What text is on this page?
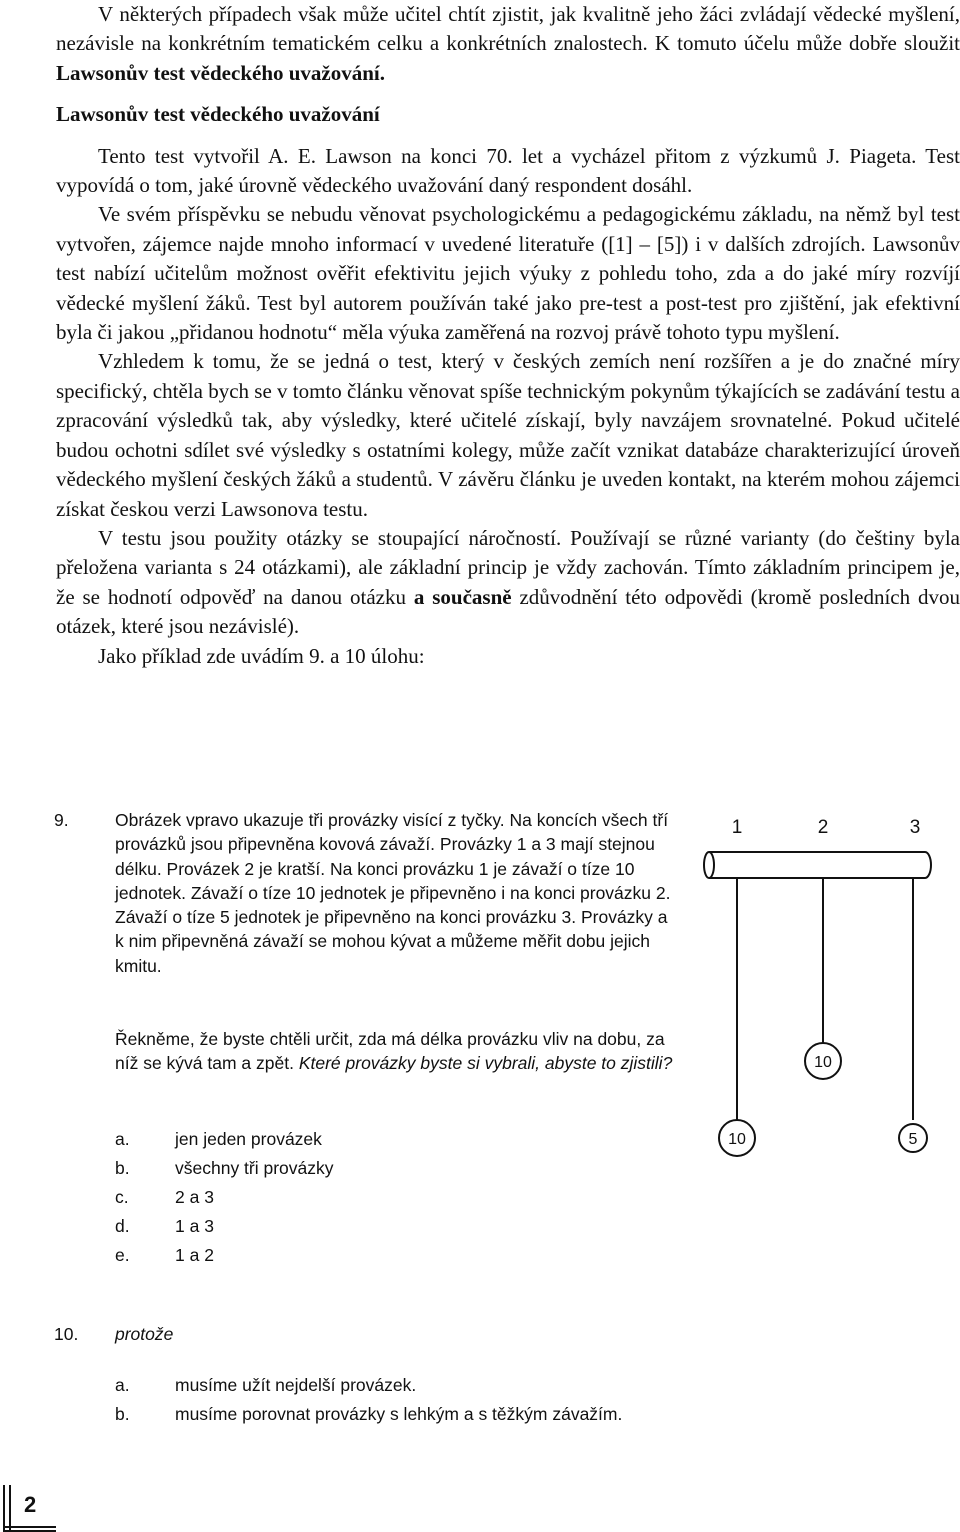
V některých případech však může učitel chtít zjistit, jak kvalitně jeho žáci zvládají vědecké myšlení, nezávisle na konkrétním tematickém celku a konkrétních znalostech. K tomuto účelu může dobře sloužit Lawsonův test vědeckého uvažování.

Lawsonův test vědeckého uvažování

Tento test vytvořil A. E. Lawson na konci 70. let a vycházel přitom z výzkumů J. Piageta. Test vypovídá o tom, jaké úrovně vědeckého uvažování daný respondent dosáhl.

Ve svém příspěvku se nebudu věnovat psychologickému a pedagogickému základu, na němž byl test vytvořen, zájemce najde mnoho informací v uvedené literatuře ([1] – [5]) i v dalších zdrojích. Lawsonův test nabízí učitelům možnost ověřit efektivitu jejich výuky z pohledu toho, zda a do jaké míry rozvíjí vědecké myšlení žáků. Test byl autorem používán také jako pre-test a post-test pro zjištění, jak efektivní byla či jakou „přidanou hodnotu“ měla výuka zaměřená na rozvoj právě tohoto typu myšlení.

Vzhledem k tomu, že se jedná o test, který v českých zemích není rozšířen a je do značné míry specifický, chtěla bych se v tomto článku věnovat spíše technickým pokynům týkajících se zadávání testu a zpracování výsledků tak, aby výsledky, které učitelé získají, byly navzájem srovnatelné. Pokud učitelé budou ochotni sdílet své výsledky s ostatními kolegy, může začít vznikat databáze charakterizující úroveň vědeckého myšlení českých žáků a studentů. V závěru článku je uveden kontakt, na kterém mohou zájemci získat českou verzi Lawsonova testu.

V testu jsou použity otázky se stoupající náročností. Používají se různé varianty (do češtiny byla přeložena varianta s 24 otázkami), ale základní princip je vždy zachován. Tímto základním principem je, že se hodnotí odpověď na danou otázku a současně zdůvodnění této odpovědi (kromě posledních dvou otázek, které jsou nezávislé).

Jako příklad zde uvádím 9. a 10 úlohu:

9.	Obrázek vpravo ukazuje tři provázky visící z tyčky. Na koncích všech tří provázků jsou připevněna kovová závaží. Provázky 1 a 3 mají stejnou délku. Provázek 2 je kratší. Na konci provázku 1 je závaží o tíze 10 jednotek. Závaží o tíze 10 jednotek je připevněno i na konci provázku 2. Závaží o tíze 5 jednotek je připevněno na konci provázku 3. Provázky a k nim připevněná závaží se mohou kývat a můžeme měřit dobu jejich kmitu.
Řekněme, že byste chtěli určit, zda má délka provázku vliv na dobu, za níž se kývá tam a zpět. Které provázky byste si vybrali, abyste to zjistili?
a.	jen jeden provázek
b.	všechny tři provázky
c.	2 a 3
d.	1 a 3
e.	1 a 2
1	2	3
10
10
5
10. protože
a.	musíme užít nejdelší provázek.
b.	musíme porovnat provázky s lehkým a s těžkým závažím.
2
